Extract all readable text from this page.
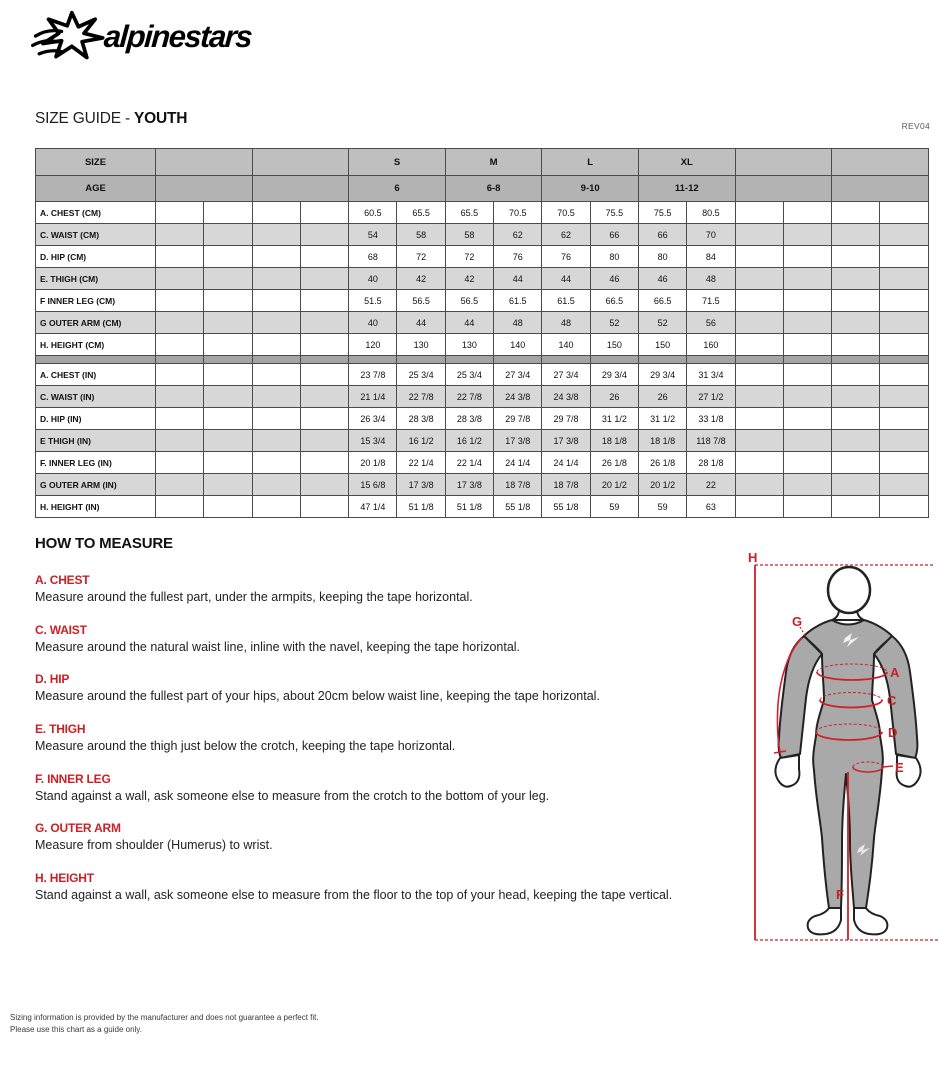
alpinestars
SIZE GUIDE - YOUTH	REV04
SIZE					S		M		L		XL					
AGE					6		6-8		9-10		11-12					
A. CHEST (CM)					60.5	65.5	65.5	70.5	70.5	75.5	75.5	80.5				
C. WAIST (CM)					54	58	58	62	62	66	66	70				
D. HIP (CM)					68	72	72	76	76	80	80	84				
E. THIGH (CM)					40	42	42	44	44	46	46	48				
F INNER LEG (CM)					51.5	56.5	56.5	61.5	61.5	66.5	66.5	71.5				
G OUTER ARM (CM)					40	44	44	48	48	52	52	56				
H. HEIGHT (CM)					120	130	130	140	140	150	150	160				

A. CHEST (IN)					23 7/8	25 3/4	25 3/4	27 3/4	27 3/4	29 3/4	29 3/4	31 3/4				
C. WAIST (IN)					21 1/4	22 7/8	22 7/8	24 3/8	24 3/8	26	26	27 1/2				
D. HIP (IN)					26 3/4	28 3/8	28 3/8	29 7/8	29 7/8	31 1/2	31 1/2	33 1/8				
E THIGH (IN)					15 3/4	16 1/2	16 1/2	17 3/8	17 3/8	18 1/8	18 1/8	118 7/8				
F. INNER LEG (IN)					20 1/8	22 1/4	22 1/4	24 1/4	24 1/4	26 1/8	26 1/8	28 1/8				
G OUTER ARM (IN)					15 6/8	17 3/8	17 3/8	18 7/8	18 7/8	20 1/2	20 1/2	22				
H. HEIGHT (IN)					47 1/4	51 1/8	51 1/8	55 1/8	55 1/8	59	59	63				
HOW TO MEASURE
A. CHEST

Measure around the fullest part, under the armpits, keeping the tape horizontal.

C. WAIST

Measure around the natural waist line, inline with the navel, keeping the tape horizontal.

D. HIP

Measure around the fullest part of your hips, about 20cm below waist line, keeping the tape horizontal.

E. THIGH

Measure around the thigh just below the crotch, keeping the tape horizontal.

F. INNER LEG

Stand against a wall, ask someone else to measure from the crotch to the bottom of your leg.

G. OUTER ARM

Measure from shoulder (Humerus) to wrist.

H. HEIGHT

Stand against a wall, ask someone else to measure from the floor to the top of your head, keeping the tape vertical.

H
G
A
C
D
E
F
Sizing information is provided by the manufacturer and does not guarantee a perfect fit.
Please use this chart as a guide only.
